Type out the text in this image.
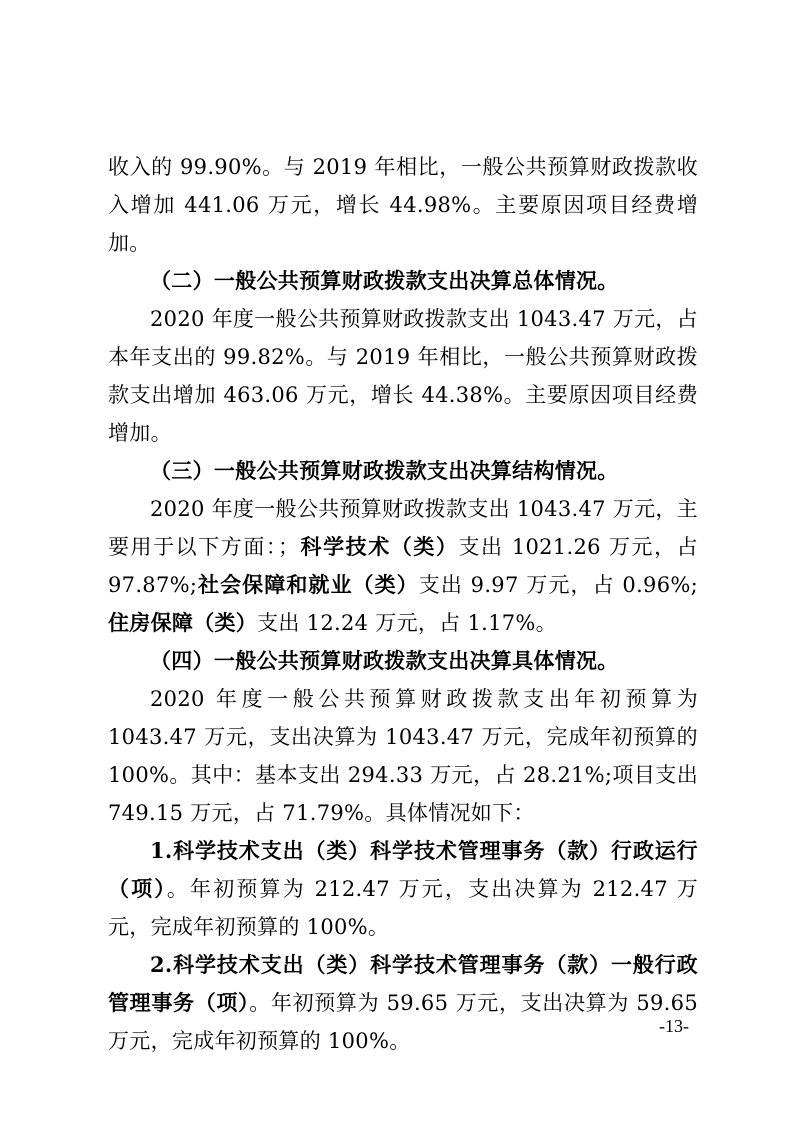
收入的 99.90%。与 2019 年相比，一般公共预算财政拨款收入增加 441.06 万元，增长 44.98%。主要原因项目经费增加。

（二）一般公共预算财政拨款支出决算总体情况。

2020 年度一般公共预算财政拨款支出 1043.47 万元，占本年支出的 99.82%。与 2019 年相比，一般公共预算财政拨款支出增加 463.06 万元，增长 44.38%。主要原因项目经费增加。

（三）一般公共预算财政拨款支出决算结构情况。

2020 年度一般公共预算财政拨款支出 1043.47 万元，主要用于以下方面：；科学技术（类）支出 1021.26 万元，占 97.87%;社会保障和就业（类）支出 9.97 万元，占 0.96%;住房保障（类）支出 12.24 万元，占 1.17%。

（四）一般公共预算财政拨款支出决算具体情况。

2020 年度一般公共预算财政拨款支出年初预算为 1043.47 万元，支出决算为 1043.47 万元，完成年初预算的 100%。其中：基本支出 294.33 万元，占 28.21%;项目支出 749.15 万元，占 71.79%。具体情况如下：

1.科学技术支出（类）科学技术管理事务（款）行政运行（项）。年初预算为 212.47 万元，支出决算为 212.47 万元，完成年初预算的 100%。

2.科学技术支出（类）科学技术管理事务（款）一般行政管理事务（项）。年初预算为 59.65 万元，支出决算为 59.65 万元，完成年初预算的 100%。

-13-
